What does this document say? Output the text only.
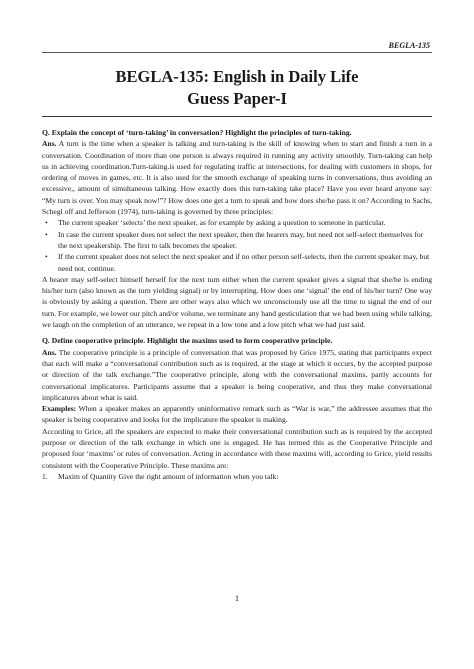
BEGLA-135
BEGLA-135: English in Daily Life
Guess Paper-I

Q. Explain the concept of ‘turn-taking’ in conversation? Highlight the principles of turn-taking.

Ans. A turn is the time when a speaker is talking and turn-taking is the skill of knowing when to start and finish a turn in a conversation. Coordination of more than one person is always required in running any activity smoothly. Turn-taking can help us in achieving coordination.Turn-taking.is used for regulating traffic at intersections, for dealing with customers in shops, for ordering of moves in games, etc. It is also used for the smooth exchange of speaking turns in conversations, thus avoiding an excessive,, amount of simultaneous talking. How exactly does this turn-taking take place? Have you ever heard anyone say: “My turn is over. You may speak now!”? How does one get a turn to speak and how does she/he pass it on? According to Sachs, Schegl off and Jefferson (1974), turn-taking is governed by three principles:

• The current speaker ‘selects’ the next speaker, as for example by asking a question to someone in particular.
• In case the current speaker does not select the next speaker, then the hearers may, but need not self-select themselves for the next speakership. The first to talk becomes the speaker.
• If the current speaker does not select the next speaker and if no other person self-selects, then the current speaker may, but need not, continue.

A hearer may self-select himself herself for the next turn either when the current speaker gives a signal that she/he is ending his/her turn (also known as the turn yielding signal) or by interrupting. How does one ‘signal’ the end of his/her turn? One way is obviously by asking a question. There are other ways also which we unconsciously use all the time to signal the end of our turn. For example, we lower our pitch and/or volume, we terminate any hand gesticulation that we had been using while talking, we laugh on the completion of an utterance, we repeat in a low tone and a low pitch what we had just said.

Q. Define cooperative principle. Highlight the maxims used to form cooperative principle.

Ans. The cooperative principle is a principle of conversation that was proposed by Grice 1975, stating that participants expect that each will make a “conversational contribution such as is required, at the stage at which it occurs, by the accepted purpose or direction of the talk exchange.”The cooperative principle, along with the conversational maxims, partly accounts for conversational implicatures. Participants assume that a speaker is being cooperative, and thus they make conversational implicatures about what is said.

Examples: When a speaker makes an apparently uninformative remark such as “War is war,” the addressee assumes that the speaker is being cooperative and looks for the implicature the speaker is making.

According to Grice, all the speakers are expected to make their conversational contribution such as is required by the accepted purpose or direction of the talk exchange in which one is engaged. He has termed this as the Cooperative Principle and proposed four ‘maxims’ or rules of conversation. Acting in accordance with these maxims will, according to Grice, yield results consistent with the Cooperative Principle. These maxims are:

1. Maxim of Quantity Give the right amount of information when you talk:

1
